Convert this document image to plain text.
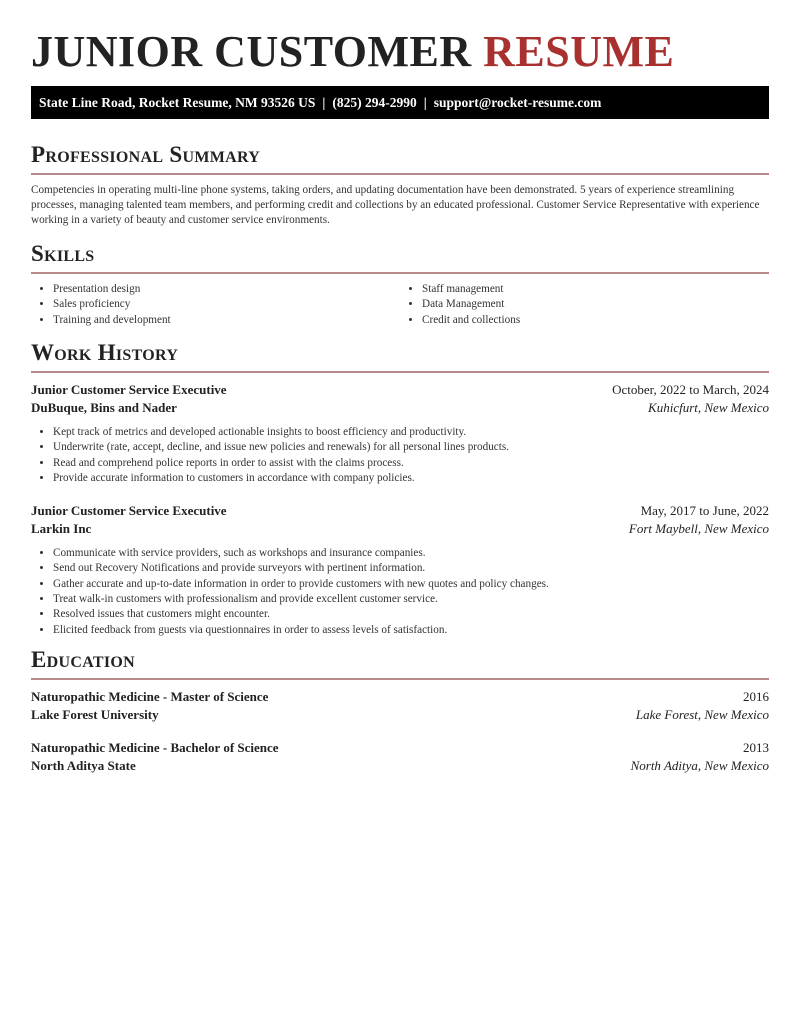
JUNIOR CUSTOMER RESUME
State Line Road, Rocket Resume, NM 93526 US | (825) 294-2990 | support@rocket-resume.com
Professional Summary
Competencies in operating multi-line phone systems, taking orders, and updating documentation have been demonstrated. 5 years of experience streamlining processes, managing talented team members, and performing credit and collections by an educated professional. Customer Service Representative with experience working in a variety of beauty and customer service environments.
Skills
• Presentation design
• Sales proficiency
• Training and development
• Staff management
• Data Management
• Credit and collections
Work History
Junior Customer Service Executive	October, 2022 to March, 2024
DuBuque, Bins and Nader	Kuhicfurt, New Mexico
• Kept track of metrics and developed actionable insights to boost efficiency and productivity.
• Underwrite (rate, accept, decline, and issue new policies and renewals) for all personal lines products.
• Read and comprehend police reports in order to assist with the claims process.
• Provide accurate information to customers in accordance with company policies.
Junior Customer Service Executive	May, 2017 to June, 2022
Larkin Inc	Fort Maybell, New Mexico
• Communicate with service providers, such as workshops and insurance companies.
• Send out Recovery Notifications and provide surveyors with pertinent information.
• Gather accurate and up-to-date information in order to provide customers with new quotes and policy changes.
• Treat walk-in customers with professionalism and provide excellent customer service.
• Resolved issues that customers might encounter.
• Elicited feedback from guests via questionnaires in order to assess levels of satisfaction.
Education
Naturopathic Medicine - Master of Science	2016
Lake Forest University	Lake Forest, New Mexico
Naturopathic Medicine - Bachelor of Science	2013
North Aditya State	North Aditya, New Mexico
